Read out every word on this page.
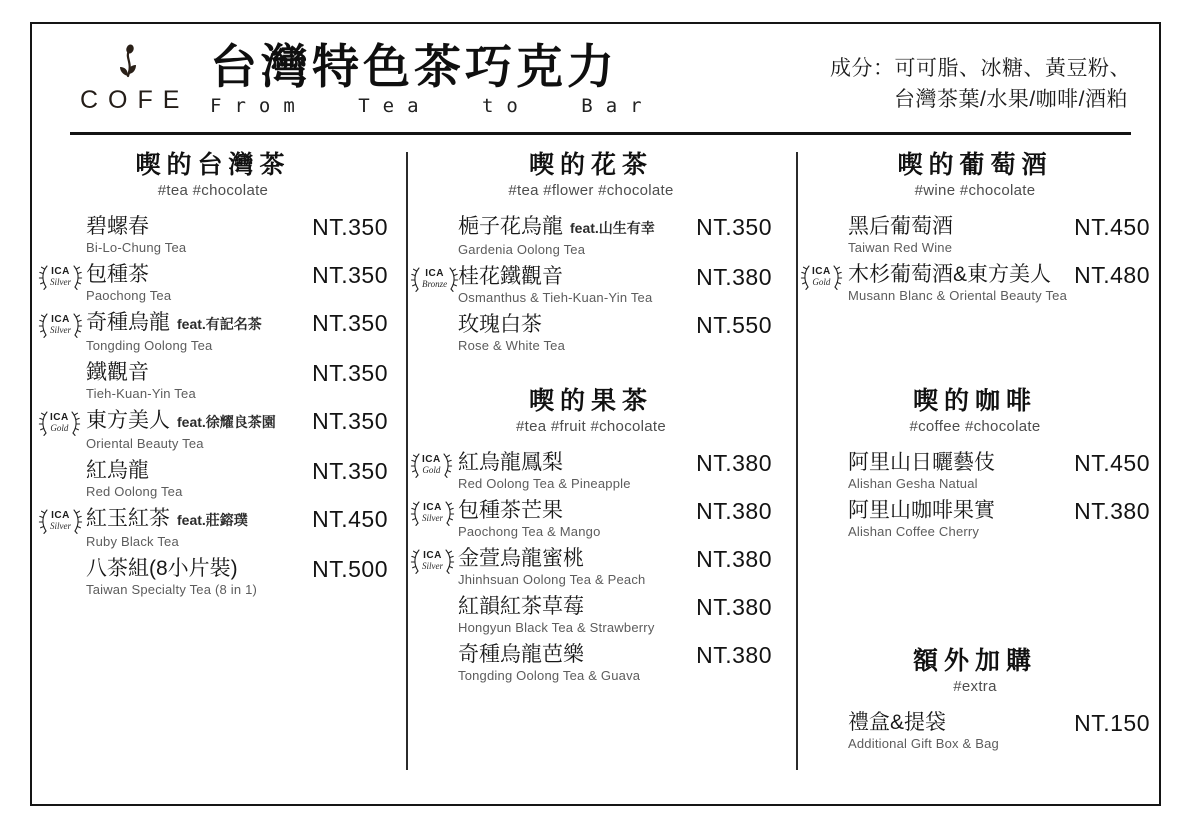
COFE
台灣特色茶巧克力
From Tea to Bar
成分：可可脂、冰糖、黃豆粉、
台灣茶葉/水果/咖啡/酒粕
喫的台灣茶
#tea #chocolate
碧螺春
Bi-Lo-Chung Tea
NT.350
ICA
Silver 包種茶
Paochong Tea
NT.350
ICA
Silver 奇種烏龍 feat.有記名茶
Tongding Oolong Tea
NT.350
鐵觀音
Tieh-Kuan-Yin Tea
NT.350
ICA
Gold 東方美人 feat.徐耀良茶園
Oriental Beauty Tea
NT.350
紅烏龍
Red Oolong Tea
NT.350
ICA
Silver 紅玉紅茶 feat.莊鎔璞
Ruby Black Tea
NT.450
八茶組(8小片裝)
Taiwan Specialty Tea (8 in 1)
NT.500
喫的花茶
#tea #flower #chocolate
梔子花烏龍 feat.山生有幸
Gardenia Oolong Tea
NT.350
ICA
Bronze 桂花鐵觀音
Osmanthus & Tieh-Kuan-Yin Tea
NT.380
玫瑰白茶
Rose & White Tea
NT.550
喫的果茶
#tea #fruit #chocolate
ICA
Gold 紅烏龍鳳梨
Red Oolong Tea & Pineapple
NT.380
ICA
Silver 包種茶芒果
Paochong Tea & Mango
NT.380
ICA
Silver 金萱烏龍蜜桃
Jhinhsuan Oolong Tea & Peach
NT.380
紅韻紅茶草莓
Hongyun Black Tea & Strawberry
NT.380
奇種烏龍芭樂
Tongding Oolong Tea & Guava
NT.380
喫的葡萄酒
#wine #chocolate
黑后葡萄酒
Taiwan Red Wine
NT.450
ICA
Gold 木杉葡萄酒&東方美人
Musann Blanc & Oriental Beauty Tea
NT.480
喫的咖啡
#coffee #chocolate
阿里山日曬藝伎
Alishan Gesha Natual
NT.450
阿里山咖啡果實
Alishan Coffee Cherry
NT.380
額外加購
#extra
禮盒&提袋
Additional Gift Box & Bag
NT.150
